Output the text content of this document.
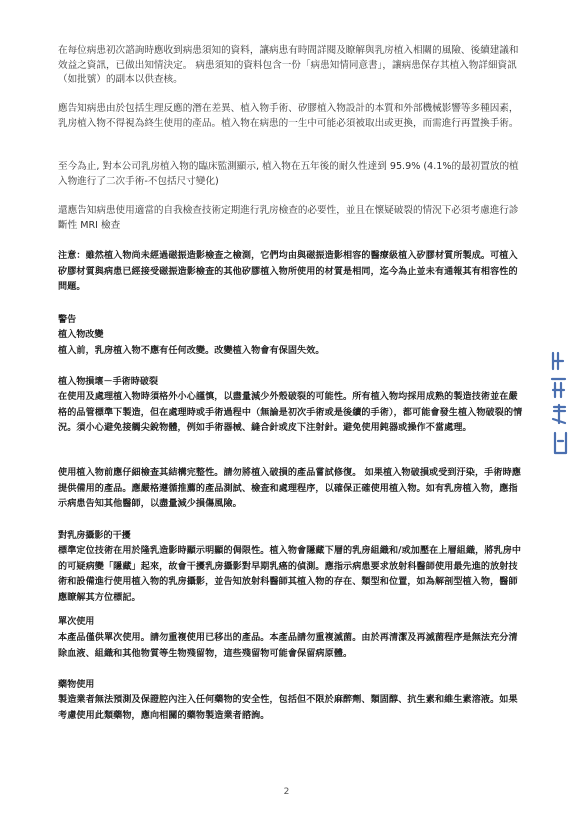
在每位病患初次諮詢時應收到病患須知的資料，讓病患有時間詳閱及瞭解與乳房植入相關的風險、後續建議和效益之資訊，已做出知情決定。 病患須知的資料包含一份「病患知情同意書」，讓病患保存其植入物詳細資訊（如批號）的副本以供查核。

應告知病患由於包括生理反應的潛在差異、植入物手術、矽膠植入物設計的本質和外部機械影響等多種因素，乳房植入物不得視為終生使用的產品。植入物在病患的一生中可能必須被取出或更換，而需進行再置換手術。

至今為止, 對本公司乳房植入物的臨床監測顯示, 植入物在五年後的耐久性達到 95.9% (4.1%的最初置放的植入物進行了二次手術-不包括尺寸變化)

還應告知病患使用適當的自我檢查技術定期進行乳房檢查的必要性，並且在懷疑破裂的情況下必須考慮進行診斷性 MRI 檢查

注意：雖然植入物尚未經過磁振造影檢查之檢測，它們均由與磁振造影相容的醫療級植入矽膠材質所製成。可植入矽膠材質與病患已經接受磁振造影檢查的其他矽膠植入物所使用的材質是相同，迄今為止並未有通報其有相容性的問題。

警告

植入物改變

植入前，乳房植入物不應有任何改變。改變植入物會有保固失效。

植入物損壞－手術時破裂

在使用及處理植入物時須格外小心謹慎，以盡量減少外殼破裂的可能性。所有植入物均採用成熟的製造技術並在嚴格的品管標準下製造，但在處理時或手術過程中（無論是初次手術或是後續的手術），都可能會發生植入物破裂的情況。須小心避免接觸尖銳物體，例如手術器械、縫合針或皮下注射針。避免使用鈍器或操作不當處理。

使用植入物前應仔細檢查其結構完整性。請勿將植入破損的產品嘗試修復。 如果植入物破損或受到汙染，手術時應提供備用的產品。應嚴格遵循推薦的產品測試、檢查和處理程序，以確保正確使用植入物。如有乳房植入物，應指示病患告知其他醫師，以盡量減少損傷風險。

對乳房攝影的干擾

標準定位技術在用於隆乳造影時顯示明顯的侷限性。植入物會隱藏下層的乳房組織和/或加壓在上層組織，將乳房中的可疑病變「隱藏」起來，故會干擾乳房攝影對早期乳癌的偵測。應指示病患要求放射科醫師使用最先進的放射技術和設備進行使用植入物的乳房攝影，並告知放射科醫師其植入物的存在、類型和位置，如為解剖型植入物，醫師應瞭解其方位標記。

單次使用

本產品僅供單次使用。請勿重複使用已移出的產品。本產品請勿重複滅菌。由於再清潔及再滅菌程序是無法充分清除血液、組織和其他物質等生物殘留物，這些殘留物可能會保留病原體。

藥物使用

製造業者無法預測及保證腔內注入任何藥物的安全性，包括但不限於麻醉劑、類固醇、抗生素和維生素溶液。如果考慮使用此類藥物，應向相關的藥物製造業者諮詢。

2
